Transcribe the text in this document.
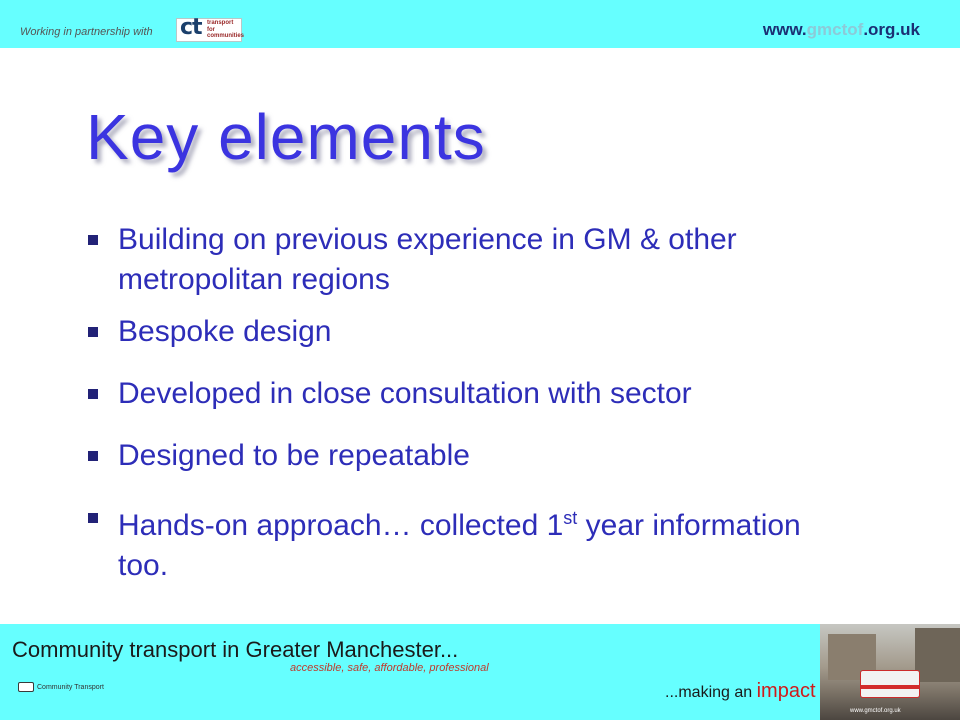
Working in partnership with ct transport
for
communities	www.gmctof.org.uk
Key elements
Building on previous experience in GM & other metropolitan regions
Bespoke design
Developed in close consultation with sector
Designed to be repeatable
Hands-on approach… collected 1st year information too.
Community transport in Greater Manchester...
accessible, safe, affordable, professional
Community Transport	...making an impact
www.gmctof.org.uk
